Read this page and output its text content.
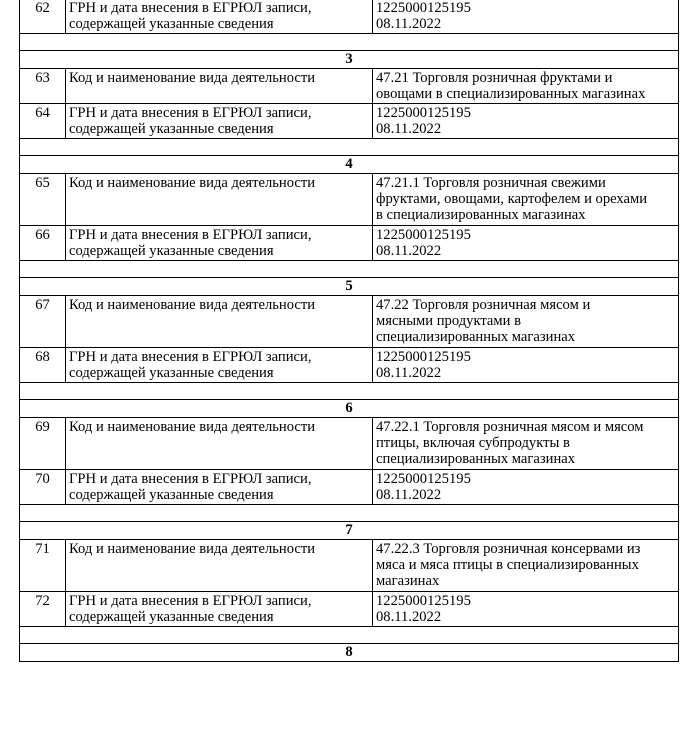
62	ГРН и дата внесения в ЕГРЮЛ записи,
содержащей указанные сведения	1225000125195
08.11.2022

3		
63	Код и наименование вида деятельности	47.21 Торговля розничная фруктами и
овощами в специализированных магазинах

64	ГРН и дата внесения в ЕГРЮЛ записи,
содержащей указанные сведения	1225000125195
08.11.2022

4		
65	Код и наименование вида деятельности	47.21.1 Торговля розничная свежими
фруктами, овощами, картофелем и орехами
в специализированных магазинах

66	ГРН и дата внесения в ЕГРЮЛ записи,
содержащей указанные сведения	1225000125195
08.11.2022

5		
67	Код и наименование вида деятельности	47.22 Торговля розничная мясом и
мясными продуктами в
специализированных магазинах

68	ГРН и дата внесения в ЕГРЮЛ записи,
содержащей указанные сведения	1225000125195
08.11.2022

6		
69	Код и наименование вида деятельности	47.22.1 Торговля розничная мясом и мясом
птицы, включая субпродукты в
специализированных магазинах

70	ГРН и дата внесения в ЕГРЮЛ записи,
содержащей указанные сведения	1225000125195
08.11.2022

7		
71	Код и наименование вида деятельности	47.22.3 Торговля розничная консервами из
мяса и мяса птицы в специализированных
магазинах

72	ГРН и дата внесения в ЕГРЮЛ записи,
содержащей указанные сведения	1225000125195
08.11.2022

8		
